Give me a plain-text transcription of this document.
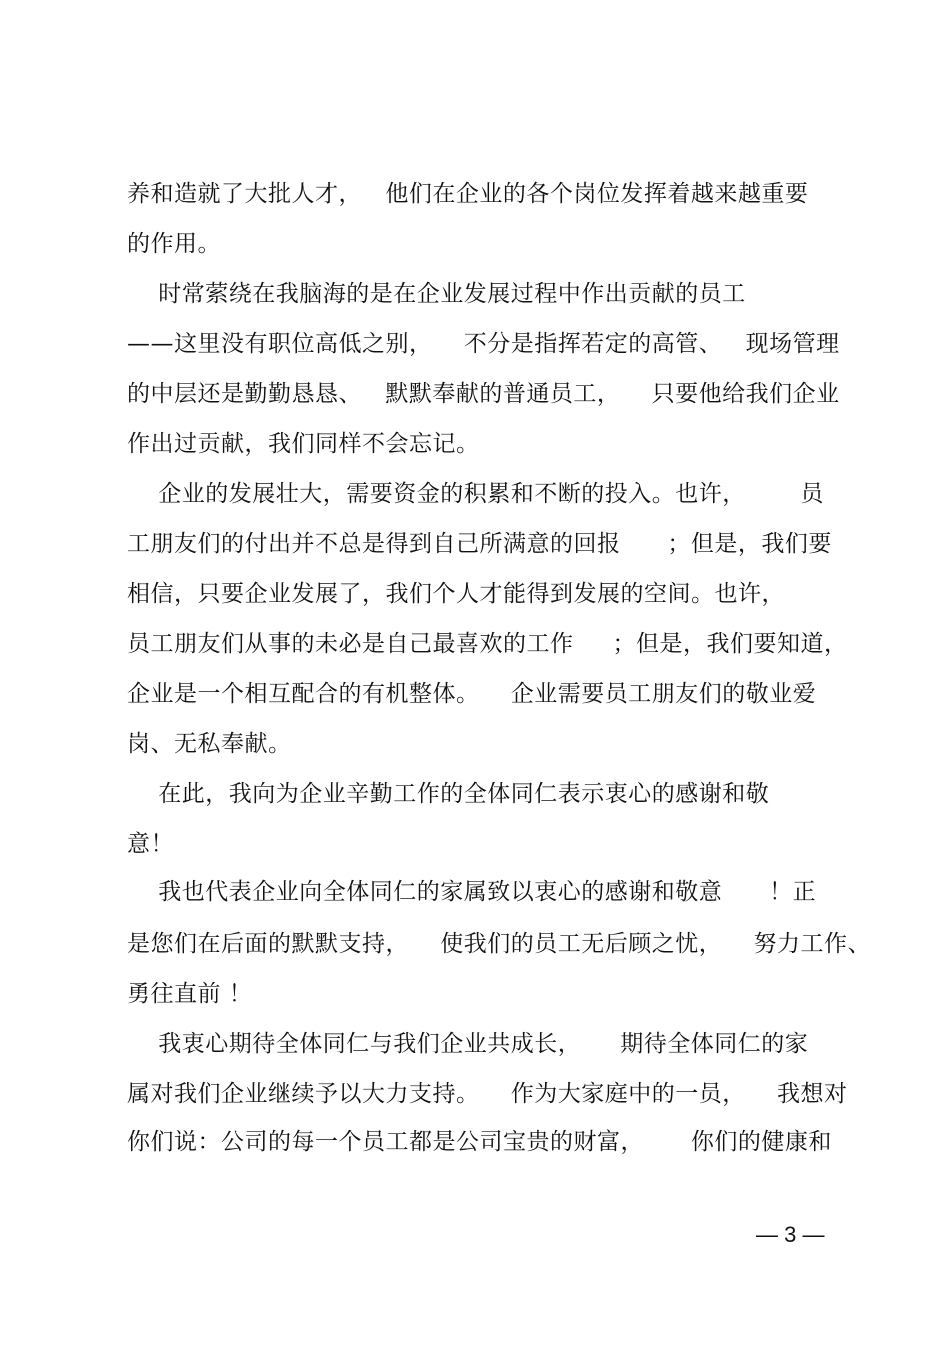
养和造就了大批人才，   他们在企业的各个岗位发挥着越来越重要
的作用。
时常萦绕在我脑海的是在企业发展过程中作出贡献的员工
——这里没有职位高低之别，    不分是指挥若定的高管、   现场管理
的中层还是勤勤恳恳、   默默奉献的普通员工，    只要他给我们企业
作出过贡献，我们同样不会忘记。
企业的发展壮大，需要资金的积累和不断的投入。也许，       员
工朋友们的付出并不总是得到自己所满意的回报      ；但是，我们要
相信，只要企业发展了，我们个人才能得到发展的空间。也许，
员工朋友们从事的未必是自己最喜欢的工作     ；但是，我们要知道，
企业是一个相互配合的有机整体。    企业需要员工朋友们的敬业爱
岗、无私奉献。
在此，我向为企业辛勤工作的全体同仁表示衷心的感谢和敬
意！
我也代表企业向全体同仁的家属致以衷心的感谢和敬意      ！正
是您们在后面的默默支持，    使我们的员工无后顾之忧，    努力工作、
勇往直前 ！
我衷心期待全体同仁与我们企业共成长，     期待全体同仁的家
属对我们企业继续予以大力支持。    作为大家庭中的一员，    我想对
你们说：公司的每一个员工都是公司宝贵的财富，      你们的健康和
— 3 —
